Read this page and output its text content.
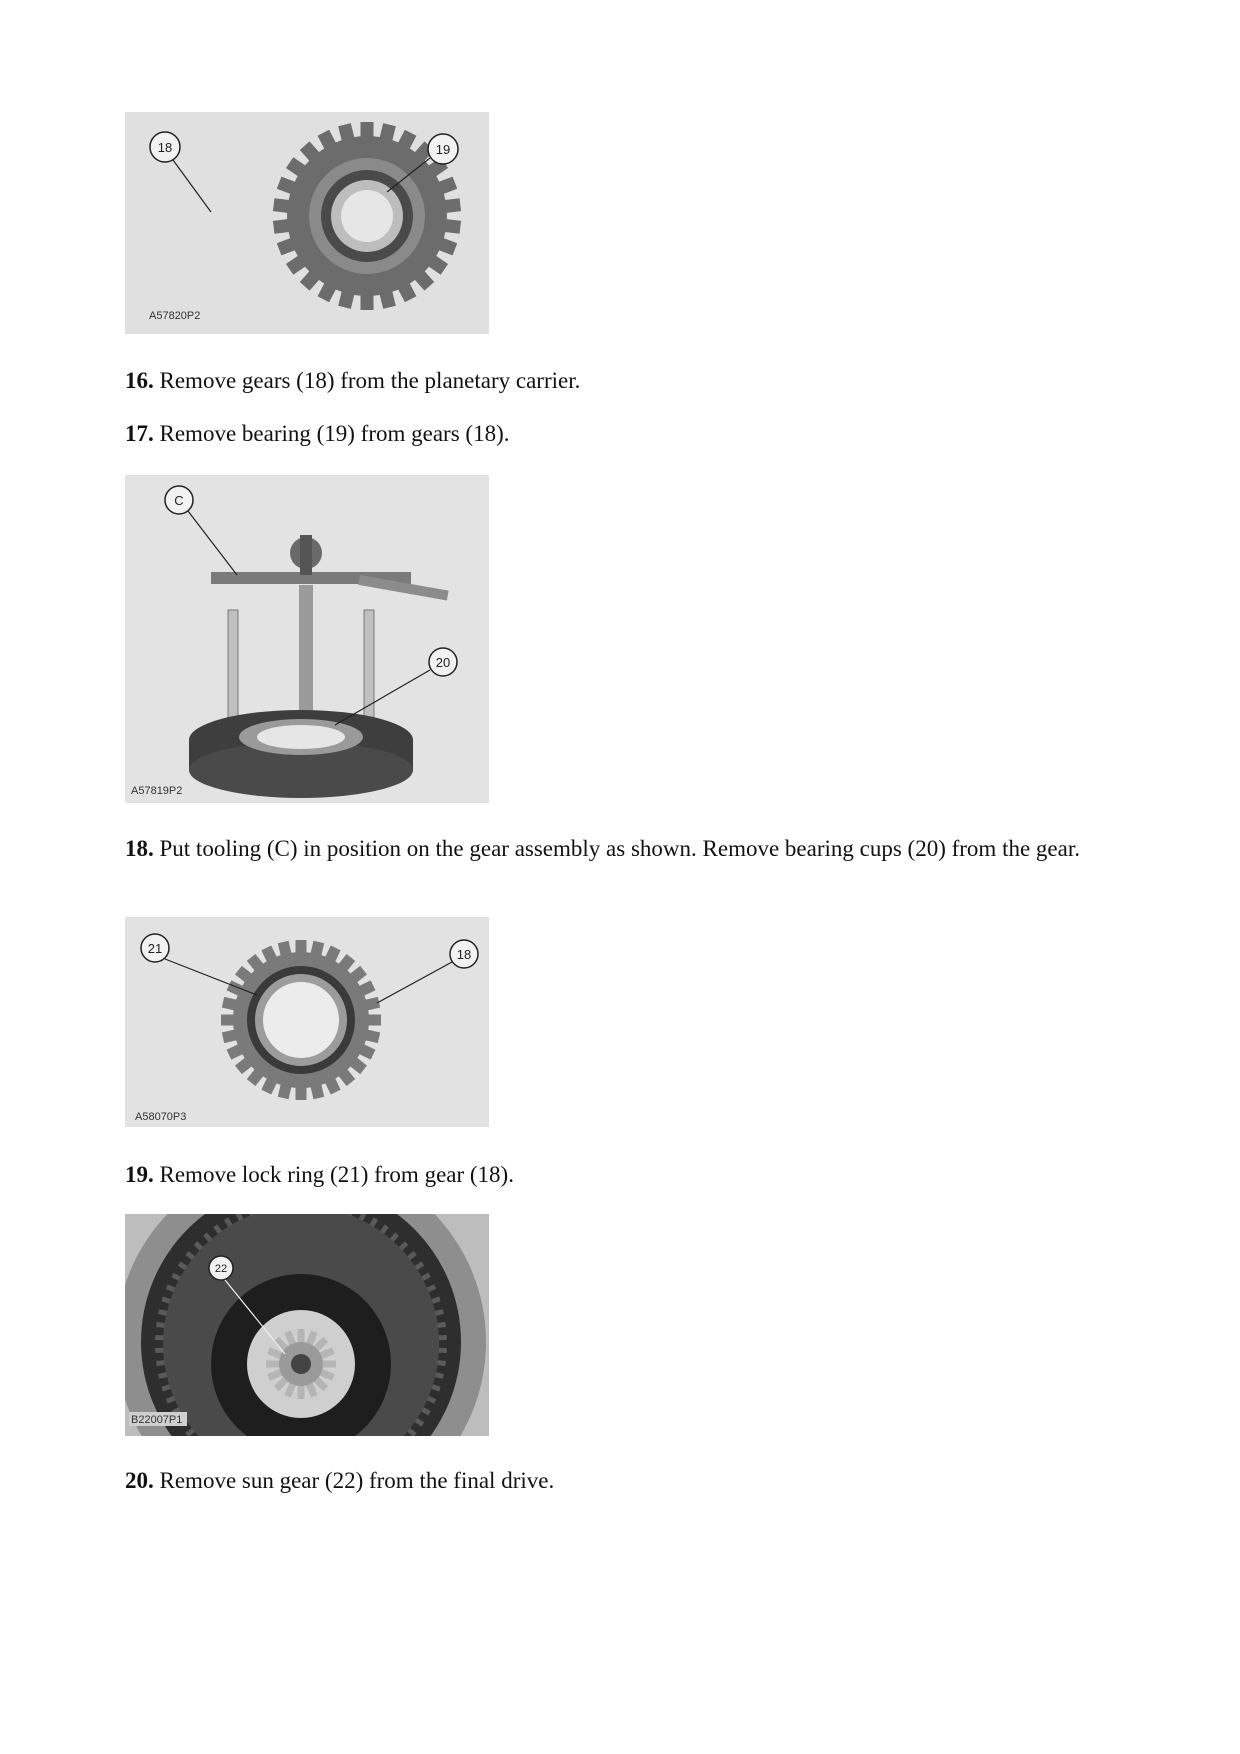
18	19
A57820P2

16. Remove gears (18) from the planetary carrier.

17. Remove bearing (19) from gears (18).

C
20
A57819P2
18. Put tooling (C) in position on the gear assembly as shown. Remove bearing cups (20) from the gear.
21	18
A58070P3

19. Remove lock ring (21) from gear (18).

22
B22007P1

20. Remove sun gear (22) from the final drive.
